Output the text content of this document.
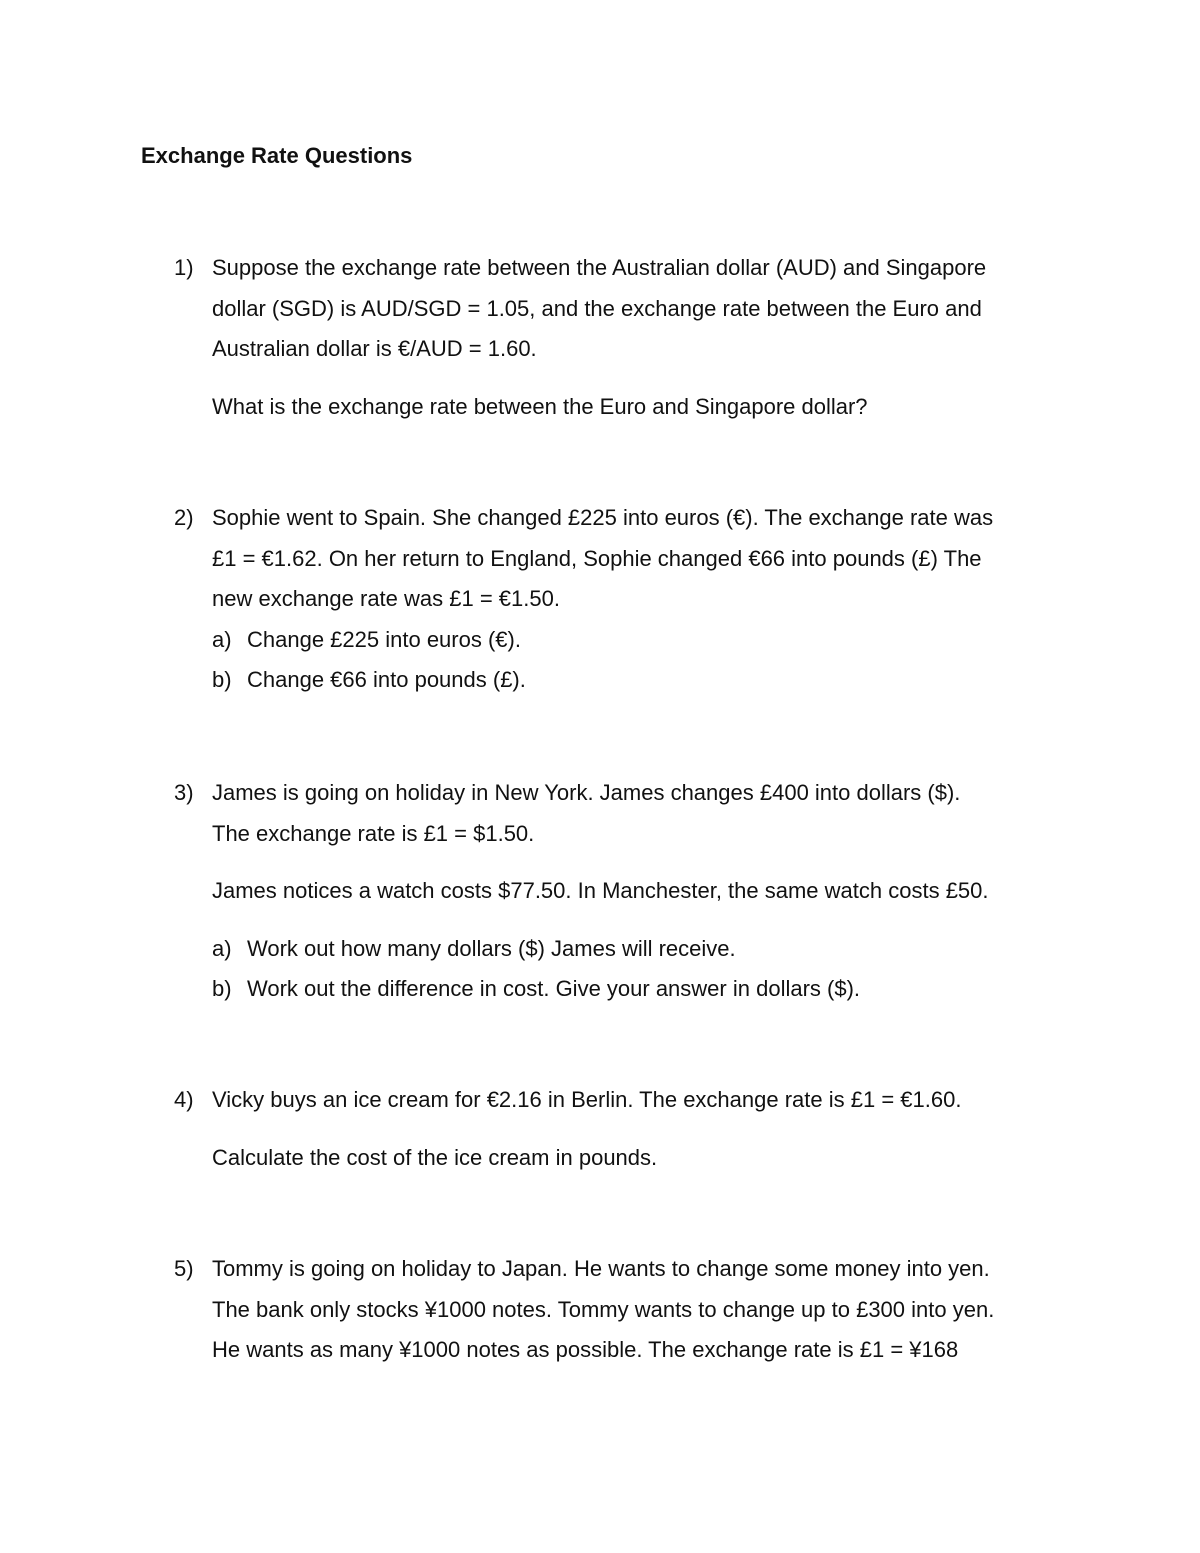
Exchange Rate Questions
1) Suppose the exchange rate between the Australian dollar (AUD) and Singapore
dollar (SGD) is AUD/SGD = 1.05, and the exchange rate between the Euro and
Australian dollar is €/AUD = 1.60.
What is the exchange rate between the Euro and Singapore dollar?
2) Sophie went to Spain. She changed £225 into euros (€). The exchange rate was
£1 = €1.62. On her return to England, Sophie changed €66 into pounds (£) The
new exchange rate was £1 = €1.50.
a) Change £225 into euros (€).
b) Change €66 into pounds (£).
3) James is going on holiday in New York. James changes £400 into dollars ($).
The exchange rate is £1 = $1.50.
James notices a watch costs $77.50. In Manchester, the same watch costs £50.
a) Work out how many dollars ($) James will receive.
b) Work out the difference in cost. Give your answer in dollars ($).
4) Vicky buys an ice cream for €2.16 in Berlin. The exchange rate is £1 = €1.60.
Calculate the cost of the ice cream in pounds.
5) Tommy is going on holiday to Japan. He wants to change some money into yen.
The bank only stocks ¥1000 notes. Tommy wants to change up to £300 into yen.
He wants as many ¥1000 notes as possible. The exchange rate is £1 = ¥168
